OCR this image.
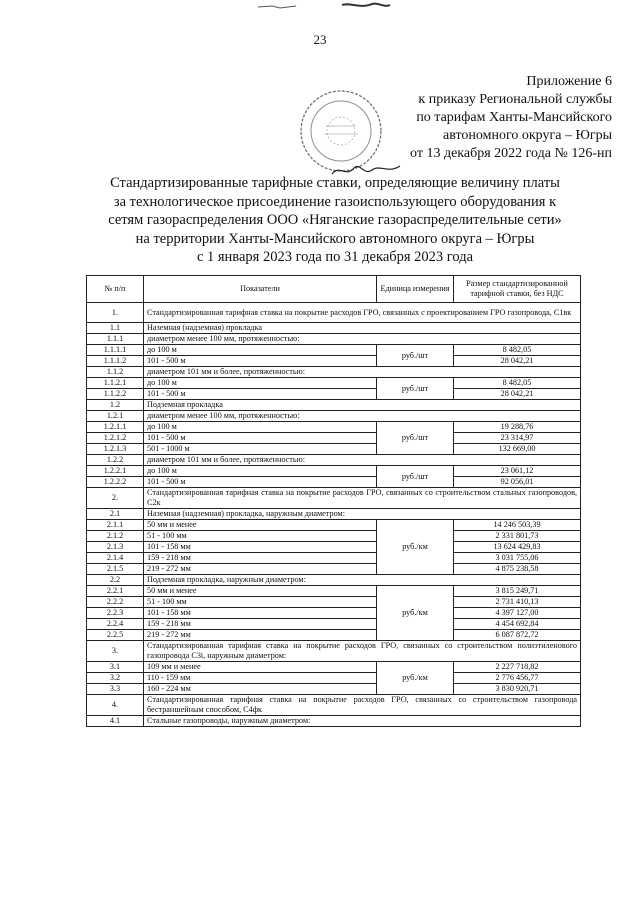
23
Приложение 6
к приказу Региональной службы
по тарифам Ханты-Мансийского
автономного округа – Югры
от 13 декабря 2022 года № 126-нп
Стандартизированные тарифные ставки, определяющие величину платы
за технологическое присоединение газоиспользующего оборудования к
сетям газораспределения ООО «Няганские газораспределительные сети»
на территории Ханты-Мансийского автономного округа – Югры
с 1 января 2023 года по 31 декабря 2023 года
№ п/п	Показатели	Единица измерения	Размер стандартизированной тарифной ставки, без НДС
1.	Стандартизированная тарифная ставка на покрытие расходов ГРО, связанных с проектированием ГРО газопровода, С1вк		
1.1	Наземная (надземная) прокладка		
1.1.1	диаметром менее 100 мм, протяженностью:		
1.1.1.1	до 100 м	руб./шт	8 482,05
1.1.1.2	101 - 500 м		28 042,21
1.1.2	диаметром 101 мм и более, протяженностью:		
1.1.2.1	до 100 м	руб./шт	8 482,05
1.1.2.2	101 - 500 м		28 042,21
1.2	Подземная прокладка		
1.2.1	диаметром менее 100 мм, протяженностью:		
1.2.1.1	до 100 м	руб./шт	19 288,76
1.2.1.2	101 - 500 м		23 314,97
1.2.1.3	501 - 1000 м		132 669,00
1.2.2	диаметром 101 мм и более, протяженностью:		
1.2.2.1	до 100 м	руб./шт	23 061,12
1.2.2.2	101 - 500 м		92 056,01
2.	Стандартизированная тарифная ставка на покрытие расходов ГРО, связанных со строительством стальных газопроводов, С2к		
2.1	Наземная (надземная) прокладка, наружным диаметром:		
2.1.1	50 мм и менее	руб./км	14 246 503,39
2.1.2	51 - 100 мм		2 331 801,73
2.1.3	101 - 158 мм		13 624 429,83
2.1.4	159 - 218 мм		3 031 755,06
2.1.5	219 - 272 мм		4 875 238,58
2.2	Подземная прокладка, наружным диаметром:		
2.2.1	50 мм и менее	руб./км	3 815 249,71
2.2.2	51 - 100 мм		2 731 410,13
2.2.3	101 - 158 мм		4 397 127,00
2.2.4	159 - 218 мм		4 454 692,84
2.2.5	219 - 272 мм		6 087 872,72
3.	Стандартизированная тарифная ставка на покрытие расходов ГРО, связанных со строительством полиэтиленового газопровода С3i, наружным диаметром:		
3.1	109 мм и менее	руб./км	2 227 718,82
3.2	110 - 159 мм		2 776 456,77
3.3	160 - 224 мм		3 830 920,71
4.	Стандартизированная тарифная ставка на покрытие расходов ГРО, связанных со строительством газопровода бестраншейным способом, С4фк		
4.1	Стальные газопроводы, наружным диаметром:		
